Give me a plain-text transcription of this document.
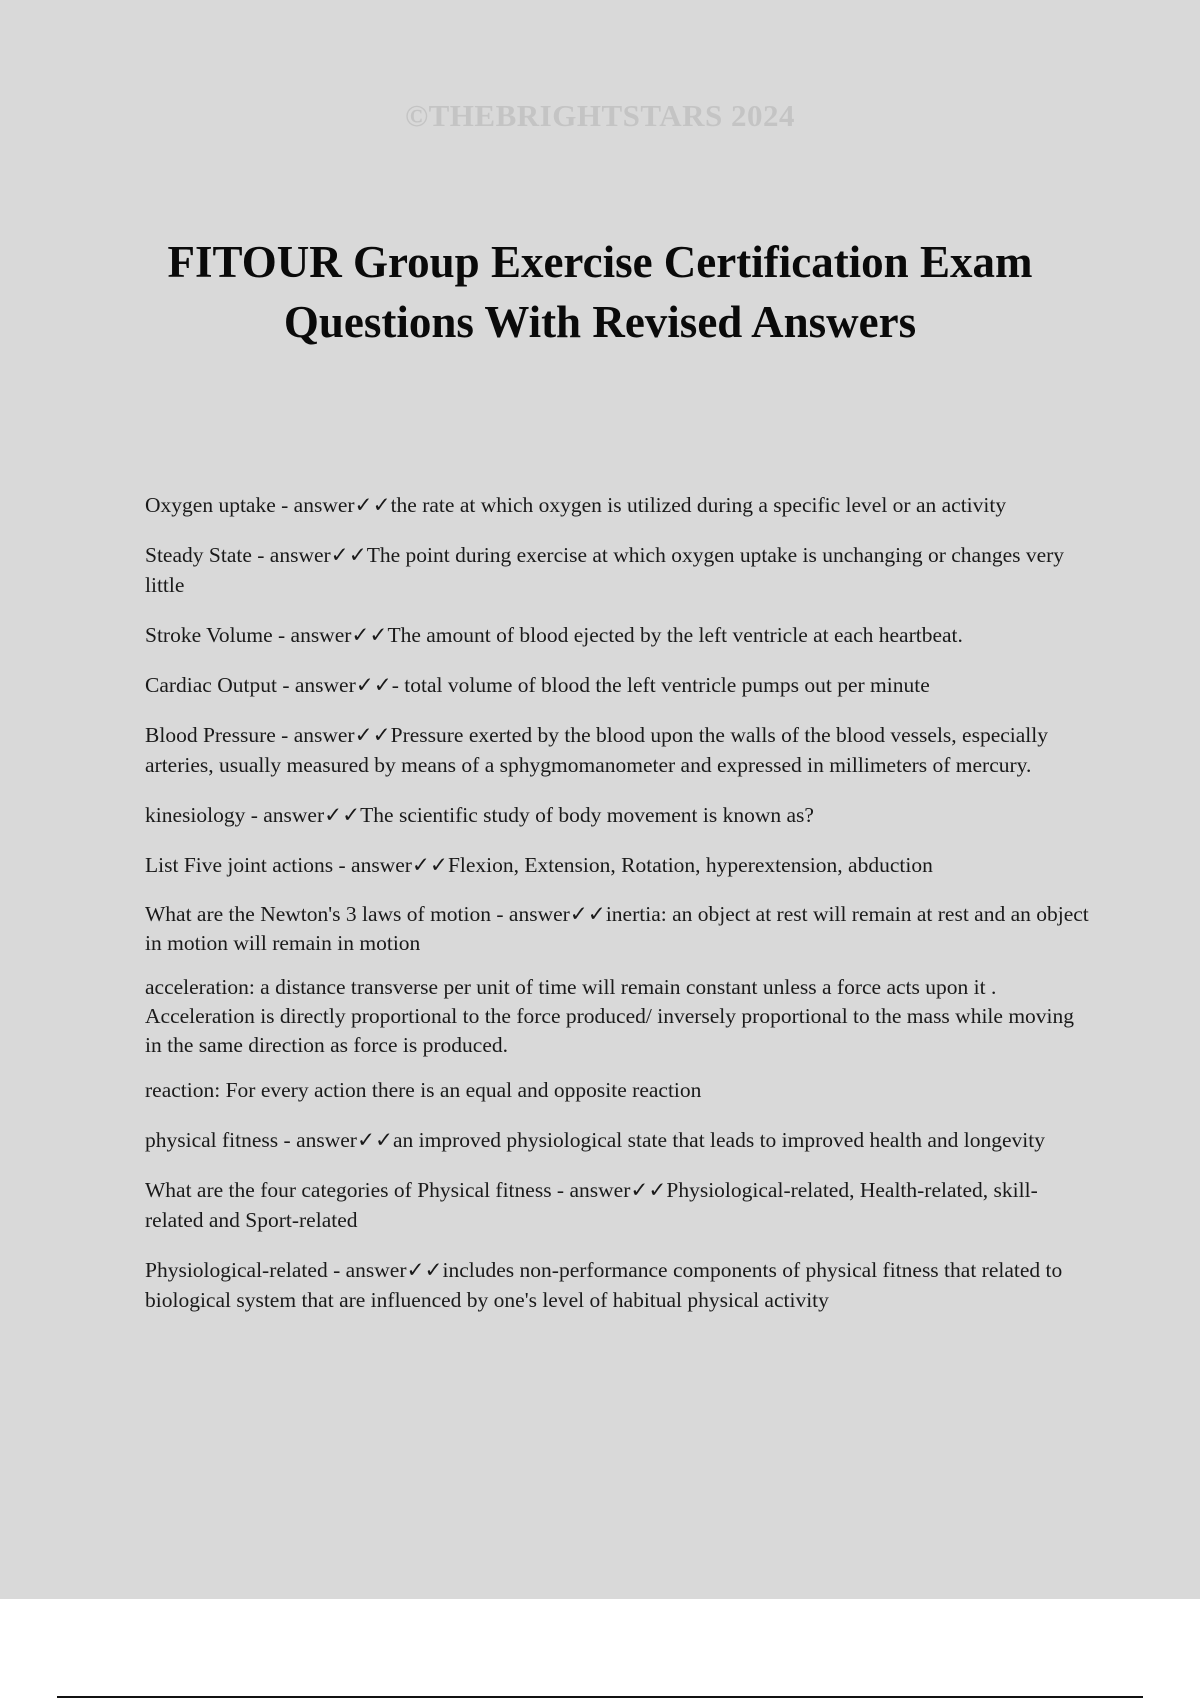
©THEBRIGHTSTARS 2024
FITOUR Group Exercise Certification Exam
Questions With Revised Answers

Oxygen uptake - answer✓✓the rate at which oxygen is utilized during a specific level or an activity

Steady State - answer✓✓The point during exercise at which oxygen uptake is unchanging or changes very little

Stroke Volume - answer✓✓The amount of blood ejected by the left ventricle at each heartbeat.

Cardiac Output - answer✓✓- total volume of blood the left ventricle pumps out per minute

Blood Pressure - answer✓✓Pressure exerted by the blood upon the walls of the blood vessels, especially arteries, usually measured by means of a sphygmomanometer and expressed in millimeters of mercury.

kinesiology - answer✓✓The scientific study of body movement is known as?

List Five joint actions - answer✓✓Flexion, Extension, Rotation, hyperextension, abduction

What are the Newton's 3 laws of motion - answer✓✓inertia: an object at rest will remain at rest and an object in motion will remain in motion

acceleration: a distance transverse per unit of time will remain constant unless a force acts upon it . Acceleration is directly proportional to the force produced/ inversely proportional to the mass while moving in the same direction as force is produced.

reaction: For every action there is an equal and opposite reaction

physical fitness - answer✓✓an improved physiological state that leads to improved health and longevity

What are the four categories of Physical fitness - answer✓✓Physiological-related, Health-related, skill-related and Sport-related

Physiological-related - answer✓✓includes non-performance components of physical fitness that related to biological system that are influenced by one's level of habitual physical activity
